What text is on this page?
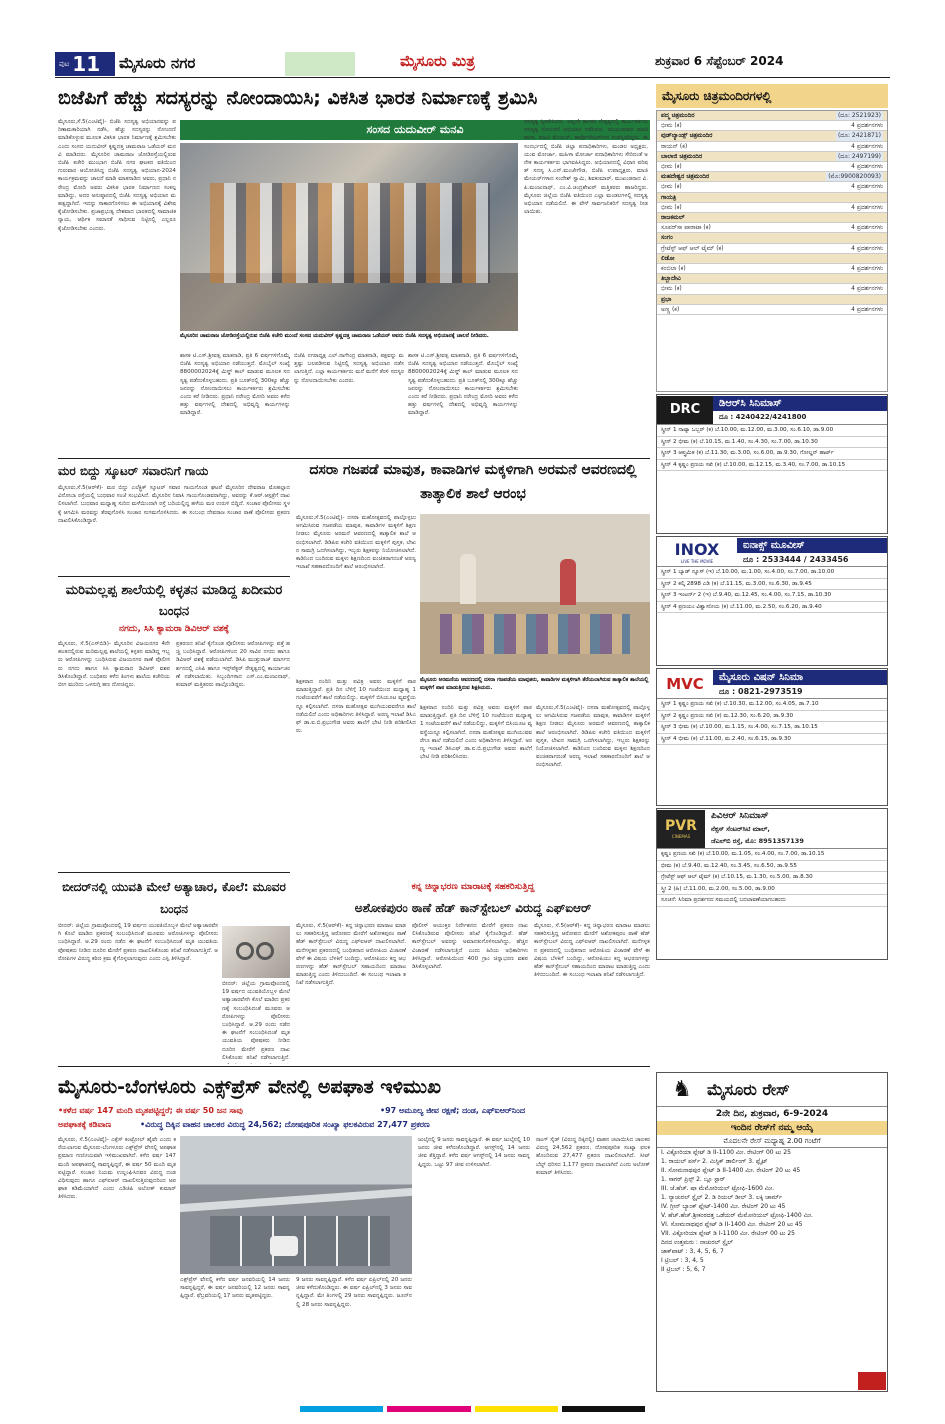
ಪುಟ 11 ಮೈಸೂರು ನಗರ	ಮೈಸೂರು ಮಿತ್ರ	ಶುಕ್ರವಾರ 6 ಸೆಪ್ಟೆಂಬರ್ 2024
ಬಿಜೆಪಿಗೆ ಹೆಚ್ಚು ಸದಸ್ಯರನ್ನು ನೋಂದಾಯಿಸಿ; ವಿಕಸಿತ ಭಾರತ ನಿರ್ಮಾಣಕ್ಕೆ ಶ್ರಮಿಸಿ
ಸಂಸದ ಯದುವೀರ್ ಮನವಿ
ಮೈಸೂರು,ಸೆ.5(ಎಂಟಿವೈ)- ಬಿಜೆಪಿ ಸದಸ್ಯತ್ವ ಅಭಿಯಾನವನ್ನು ಪರಿಣಾಮಕಾರಿಯಾಗಿ ನಡೆಸಿ, ಹೆಚ್ಚು ಸದಸ್ಯರನ್ನು ನೋಂದಣಿ ಮಾಡಿಕೊಳ್ಳುವ ಮೂಲಕ ವಿಕಸಿತ ಭಾರತ ನಿರ್ಮಾಣಕ್ಕೆ ಶ್ರಮಿಸಬೇಕು ಎಂದು ಸಂಸದ ಯದುವೀರ್ ಕೃಷ್ಣದತ್ತ ಚಾಮರಾಜ ಒಡೆಯರ್ ಮನವಿ ಮಾಡಿದರು. ಮೈಸೂರಿನ ಚಾಮರಾಜ ಜೋಡಿರಸ್ತೆಯಲ್ಲಿರುವ ಬಿಜೆಪಿ ಕಚೇರಿ ಮುಂಭಾಗ ಬಿಜೆಪಿ ನಗರ ಘಟಕದ ವತಿಯಿಂದ ಗುರುವಾರ ಆಯೋಜಿಸಿದ್ದ ಬಿಜೆಪಿ ಸದಸ್ಯತ್ವ ಅಭಿಯಾನ-2024 ಕಾರ್ಯಕ್ರಮವನ್ನು ಚಾಲನೆ ಮಾಡಿ ಮಾತನಾಡಿದ ಅವರು, ಪ್ರಧಾನಿ ನರೇಂದ್ರ ಮೋದಿ ಅವರು ವಿಕಸಿತ ಭಾರತ ನಿರ್ಮಾಣದ ಸಂಕಲ್ಪ ಮಾಡಿದ್ದು, ಅದರ ಅನುಷ್ಠಾನದಲ್ಲಿ ಬಿಜೆಪಿ ಸದಸ್ಯತ್ವ ಅಭಿಯಾನ ಮಹತ್ವದ್ದಾಗಿದೆ. ಇದನ್ನು ಸಾಕಾರಗೊಳಿಸಲು ಈ ಅಭಿಯಾನಕ್ಕೆ ವಿಶೇಷ ಕೈಜೋಡಿಸಬೇಕು. ಪ್ರಜಾಪ್ರಭುತ್ವ ದೇಶವಾದ ಭಾರತದಲ್ಲಿ ಸಾಮಾಜಿಕ ನ್ಯಾಯ, ಆರ್ಥಿಕ ಸಮಾನತೆ ಸಾಧಿಸುವ ನಿಟ್ಟಿನಲ್ಲಿ ಎಲ್ಲರೂ ಕೈಜೋಡಿಸಬೇಕು ಎಂದರು.
ಮೈಸೂರಿನ ಚಾಮರಾಜ ಜೋಡಿರಸ್ತೆಯಲ್ಲಿರುವ ಬಿಜೆಪಿ ಕಚೇರಿ ಮುಂದೆ ಸಂಸದ ಯದುವೀರ್ ಕೃಷ್ಣದತ್ತ ಚಾಮರಾಜ ಒಡೆಯರ್ ಅವರು ಬಿಜೆಪಿ ಸದಸ್ಯತ್ವ ಅಭಿಯಾನಕ್ಕೆ ಚಾಲನೆ ನೀಡಿದರು.
ಶಾಸಕ ಟಿ.ಎಸ್.ಶ್ರೀವತ್ಸ ಮಾತನಾಡಿ, ಪ್ರತಿ 6 ವರ್ಷಗಳಿಗೊಮ್ಮೆ ಬಿಜೆಪಿ ಸದಸ್ಯತ್ವ ಅಭಿಯಾನ ನಡೆಯುತ್ತದೆ. ಮೊಬೈಲ್ ಸಂಖ್ಯೆ 8800002024ಕ್ಕೆ ಮಿಸ್ಡ್ ಕಾಲ್ ಮಾಡುವ ಮೂಲಕ ಸದಸ್ಯತ್ವ ಪಡೆದುಕೊಳ್ಳಬಹುದು. ಪ್ರತಿ ಬೂತ್‌ನಲ್ಲಿ 300ಕ್ಕೂ ಹೆಚ್ಚು ಜನರನ್ನು ನೋಂದಾಯಿಸಲು ಕಾರ್ಯಕರ್ತರು ಶ್ರಮಿಸಬೇಕು ಎಂದು ಕರೆ ನೀಡಿದರು. ಪ್ರಧಾನಿ ನರೇಂದ್ರ ಮೋದಿ ಅವರು ಕಳೆದ ಹತ್ತು ವರ್ಷಗಳಲ್ಲಿ ದೇಶದಲ್ಲಿ ಅಭಿವೃದ್ಧಿ ಕಾರ್ಯಗಳನ್ನು ಮಾಡಿದ್ದಾರೆ.
ಬಿಜೆಪಿ ನಗರಾಧ್ಯಕ್ಷ ಎಲ್.ನಾಗೇಂದ್ರ ಮಾತನಾಡಿ, ಪಕ್ಷವನ್ನು ಮತ್ತಷ್ಟು ಬಲಪಡಿಸುವ ನಿಟ್ಟಿನಲ್ಲಿ ಸದಸ್ಯತ್ವ ಅಭಿಯಾನ ನಡೆಸಲಾಗುತ್ತಿದೆ. ಎಲ್ಲಾ ಕಾರ್ಯಕರ್ತರು ಮನೆ ಮನೆಗೆ ತೆರಳಿ ಸದಸ್ಯರನ್ನು ನೋಂದಾಯಿಸಬೇಕು ಎಂದರು.
ಶಾಸಕ ಟಿ.ಎಸ್.ಶ್ರೀವತ್ಸ ಮಾತನಾಡಿ, ಪ್ರತಿ 6 ವರ್ಷಗಳಿಗೊಮ್ಮೆ ಬಿಜೆಪಿ ಸದಸ್ಯತ್ವ ಅಭಿಯಾನ ನಡೆಯುತ್ತದೆ. ಮೊಬೈಲ್ ಸಂಖ್ಯೆ 8800002024ಕ್ಕೆ ಮಿಸ್ಡ್ ಕಾಲ್ ಮಾಡುವ ಮೂಲಕ ಸದಸ್ಯತ್ವ ಪಡೆದುಕೊಳ್ಳಬಹುದು. ಪ್ರತಿ ಬೂತ್‌ನಲ್ಲಿ 300ಕ್ಕೂ ಹೆಚ್ಚು ಜನರನ್ನು ನೋಂದಾಯಿಸಲು ಕಾರ್ಯಕರ್ತರು ಶ್ರಮಿಸಬೇಕು ಎಂದು ಕರೆ ನೀಡಿದರು. ಪ್ರಧಾನಿ ನರೇಂದ್ರ ಮೋದಿ ಅವರು ಕಳೆದ ಹತ್ತು ವರ್ಷಗಳಲ್ಲಿ ದೇಶದಲ್ಲಿ ಅಭಿವೃದ್ಧಿ ಕಾರ್ಯಗಳನ್ನು ಮಾಡಿದ್ದಾರೆ.
ಸದಸ್ಯತ್ವ ಸ್ವೀಕರಿಸಿದರು. ಅಲ್ಲದೇ ಶಾಸಕರ ನೇತೃತ್ವದಲ್ಲಿ ಕಾರ್ಯಕರ್ತರು ಸದಸ್ಯತ್ವ ನೋಂದಣಿ ಅಭಿಯಾನ ನಡೆಸಿದರು. ಮುಖಂಡರಾದ ಮಾಜಿ ಶಾಸಕ, ಮಾಜಿ ಮೇಯರ್, ಕಾರ್ಪೊರೇಟರ್‌ಗಳು ಉಪಸ್ಥಿತರಿದ್ದರು. ಈ ಸಂದರ್ಭದಲ್ಲಿ ಬಿಜೆಪಿ ಜಿಲ್ಲಾ ಪದಾಧಿಕಾರಿಗಳು, ಮಂಡಲ ಅಧ್ಯಕ್ಷರು, ಯುವ ಮೋರ್ಚಾ, ಮಹಿಳಾ ಮೋರ್ಚಾ ಪದಾಧಿಕಾರಿಗಳು ಸೇರಿದಂತೆ ಅನೇಕ ಕಾರ್ಯಕರ್ತರು ಭಾಗವಹಿಸಿದ್ದರು. ಅಭಿಯಾನದಲ್ಲಿ ವಿಧಾನ ಪರಿಷತ್ ಸದಸ್ಯ ಸಿ.ಎನ್.ಮಂಜೇಗೌಡ, ಬಿಜೆಪಿ ಉಪಾಧ್ಯಕ್ಷರು, ಮಾಜಿ ಮೇಯರ್‌ಗಳಾದ ಸಂದೇಶ್ ಸ್ವಾಮಿ, ಶಿವಕುಮಾರ್, ಮುಖಂಡರಾದ ವಿ.ಪಿ.ಮಂಜುನಾಥ್, ಎಂ.ವಿ.ಚಂದ್ರಶೇಖರ್ ಮತ್ತಿತರರು ಹಾಜರಿದ್ದರು. ಮೈಸೂರು ಜಿಲ್ಲೆಯ ಬಿಜೆಪಿ ವತಿಯಿಂದ ಎಲ್ಲಾ ಮಂಡಲಗಳಲ್ಲಿ ಸದಸ್ಯತ್ವ ಅಭಿಯಾನ ನಡೆಯಲಿದೆ. ಈ ವೇಳೆ ಸಾರ್ವಜನಿಕರಿಗೆ ಸದಸ್ಯತ್ವ ನೀಡಲಾಯಿತು.
ಮರ ಬಿದ್ದು ಸ್ಕೂಟರ್ ಸವಾರನಿಗೆ ಗಾಯ
ಮೈಸೂರು,ಸೆ.5(ಆರ್‌ಕೆ)- ಮರ ಬಿದ್ದು ಎಲೆಕ್ಟ್ರಿಕ್ ಸ್ಕೂಟರ್ ಸವಾರ ಗಾಯಗೊಂಡ ಘಟನೆ ಮೈಸೂರಿನ ದೇವರಾಜ ಮೊಹಲ್ಲಾದ ವಿನೋಬಾ ರಸ್ತೆಯಲ್ಲಿ ಬುಧವಾರ ಸಂಜೆ ಸಂಭವಿಸಿದೆ. ಮೈಸೂರಿನ ನಿವಾಸಿ ಗಾಯಗೊಂಡವರಾಗಿದ್ದು, ಅವರನ್ನು ಕೆ.ಆರ್.ಆಸ್ಪತ್ರೆಗೆ ದಾಖಲಿಸಲಾಗಿದೆ. ಬುಧವಾರ ಮಧ್ಯಾಹ್ನ ಸುರಿದ ಮಳೆಯಿಂದಾಗಿ ರಸ್ತೆ ಬದಿಯಲ್ಲಿದ್ದ ಹಳೆಯ ಮರ ಉರುಳಿ ಬಿದ್ದಿದೆ. ಸಂಚಾರ ಪೊಲೀಸರು ಸ್ಥಳಕ್ಕೆ ಆಗಮಿಸಿ ಮರವನ್ನು ತೆರವುಗೊಳಿಸಿ ಸಂಚಾರ ಸುಗಮಗೊಳಿಸಿದರು. ಈ ಸಂಬಂಧ ದೇವರಾಜ ಸಂಚಾರ ಠಾಣೆ ಪೊಲೀಸರು ಪ್ರಕರಣ ದಾಖಲಿಸಿಕೊಂಡಿದ್ದಾರೆ.
ದಸರಾ ಗಜಪಡೆ ಮಾವುತ, ಕಾವಾಡಿಗಳ ಮಕ್ಕಳಿಗಾಗಿ ಅರಮನೆ ಆವರಣದಲ್ಲಿ ತಾತ್ಕಾಲಿಕ ಶಾಲೆ ಆರಂಭ
ಮೈಸೂರು,ಸೆ.5(ಎಂಟಿವೈ)- ದಸರಾ ಮಹೋತ್ಸವದಲ್ಲಿ ಪಾಲ್ಗೊಳ್ಳಲು ಆಗಮಿಸಿರುವ ಗಜಪಡೆಯ ಮಾವುತ, ಕಾವಾಡಿಗಳ ಮಕ್ಕಳಿಗೆ ಶಿಕ್ಷಣ ನೀಡಲು ಮೈಸೂರು ಅರಮನೆ ಆವರಣದಲ್ಲಿ ತಾತ್ಕಾಲಿಕ ಶಾಲೆ ಆರಂಭಿಸಲಾಗಿದೆ. ಡಿಡಿಪಿಐ ಕಚೇರಿ ವತಿಯಿಂದ ಮಕ್ಕಳಿಗೆ ಪುಸ್ತಕ, ಲೇಖನ ಸಾಮಗ್ರಿ ಒದಗಿಸಲಾಗಿದ್ದು, ಇಬ್ಬರು ಶಿಕ್ಷಕರನ್ನು ನಿಯೋಜಿಸಲಾಗಿದೆ. ಕಾಡಿನಿಂದ ಬಂದಿರುವ ಮಕ್ಕಳು ಶಿಕ್ಷಣದಿಂದ ವಂಚಿತರಾಗದಂತೆ ಅರಣ್ಯ ಇಲಾಖೆ ಸಹಕಾರದೊಂದಿಗೆ ಶಾಲೆ ಆರಂಭಿಸಲಾಗಿದೆ.
ಮೈಸೂರು ಅರಮನೆಯ ಆವರಣದಲ್ಲಿ ದಸರಾ ಗಜಪಡೆಯ ಮಾವುತರು, ಕಾವಾಡಿಗಳ ಮಕ್ಕಳಿಗಾಗಿ ತೆರೆಯಲಾಗಿರುವ ತಾತ್ಕಾಲಿಕ ಶಾಲೆಯಲ್ಲಿ ಮಕ್ಕಳಿಗೆ ಪಾಠ ಮಾಡುತ್ತಿರುವ ಶಿಕ್ಷಕಿಯರು.
ಶಿಕ್ಷಕರಾದ ನಂದಿನಿ ಮತ್ತು ಪವಿತ್ರ ಅವರು ಮಕ್ಕಳಿಗೆ ಪಾಠ ಮಾಡುತ್ತಿದ್ದಾರೆ. ಪ್ರತಿ ದಿನ ಬೆಳಿಗ್ಗೆ 10 ಗಂಟೆಯಿಂದ ಮಧ್ಯಾಹ್ನ 1 ಗಂಟೆಯವರೆಗೆ ಶಾಲೆ ನಡೆಯಲಿದ್ದು, ಮಕ್ಕಳಿಗೆ ಬಿಸಿಯೂಟ ವ್ಯವಸ್ಥೆಯನ್ನೂ ಕಲ್ಪಿಸಲಾಗಿದೆ. ದಸರಾ ಮಹೋತ್ಸವ ಮುಗಿಯುವವರೆಗೂ ಶಾಲೆ ನಡೆಯಲಿದೆ ಎಂದು ಅಧಿಕಾರಿಗಳು ತಿಳಿಸಿದ್ದಾರೆ. ಅರಣ್ಯ ಇಲಾಖೆ ಡಿಸಿಎಫ್ ಡಾ.ಐ.ಬಿ.ಪ್ರಭುಗೌಡ ಅವರು ಶಾಲೆಗೆ ಭೇಟಿ ನೀಡಿ ಪರಿಶೀಲಿಸಿದರು.
ಶಿಕ್ಷಕರಾದ ನಂದಿನಿ ಮತ್ತು ಪವಿತ್ರ ಅವರು ಮಕ್ಕಳಿಗೆ ಪಾಠ ಮಾಡುತ್ತಿದ್ದಾರೆ. ಪ್ರತಿ ದಿನ ಬೆಳಿಗ್ಗೆ 10 ಗಂಟೆಯಿಂದ ಮಧ್ಯಾಹ್ನ 1 ಗಂಟೆಯವರೆಗೆ ಶಾಲೆ ನಡೆಯಲಿದ್ದು, ಮಕ್ಕಳಿಗೆ ಬಿಸಿಯೂಟ ವ್ಯವಸ್ಥೆಯನ್ನೂ ಕಲ್ಪಿಸಲಾಗಿದೆ. ದಸರಾ ಮಹೋತ್ಸವ ಮುಗಿಯುವವರೆಗೂ ಶಾಲೆ ನಡೆಯಲಿದೆ ಎಂದು ಅಧಿಕಾರಿಗಳು ತಿಳಿಸಿದ್ದಾರೆ. ಅರಣ್ಯ ಇಲಾಖೆ ಡಿಸಿಎಫ್ ಡಾ.ಐ.ಬಿ.ಪ್ರಭುಗೌಡ ಅವರು ಶಾಲೆಗೆ ಭೇಟಿ ನೀಡಿ ಪರಿಶೀಲಿಸಿದರು.
ಮೈಸೂರು,ಸೆ.5(ಎಂಟಿವೈ)- ದಸರಾ ಮಹೋತ್ಸವದಲ್ಲಿ ಪಾಲ್ಗೊಳ್ಳಲು ಆಗಮಿಸಿರುವ ಗಜಪಡೆಯ ಮಾವುತ, ಕಾವಾಡಿಗಳ ಮಕ್ಕಳಿಗೆ ಶಿಕ್ಷಣ ನೀಡಲು ಮೈಸೂರು ಅರಮನೆ ಆವರಣದಲ್ಲಿ ತಾತ್ಕಾಲಿಕ ಶಾಲೆ ಆರಂಭಿಸಲಾಗಿದೆ. ಡಿಡಿಪಿಐ ಕಚೇರಿ ವತಿಯಿಂದ ಮಕ್ಕಳಿಗೆ ಪುಸ್ತಕ, ಲೇಖನ ಸಾಮಗ್ರಿ ಒದಗಿಸಲಾಗಿದ್ದು, ಇಬ್ಬರು ಶಿಕ್ಷಕರನ್ನು ನಿಯೋಜಿಸಲಾಗಿದೆ. ಕಾಡಿನಿಂದ ಬಂದಿರುವ ಮಕ್ಕಳು ಶಿಕ್ಷಣದಿಂದ ವಂಚಿತರಾಗದಂತೆ ಅರಣ್ಯ ಇಲಾಖೆ ಸಹಕಾರದೊಂದಿಗೆ ಶಾಲೆ ಆರಂಭಿಸಲಾಗಿದೆ.
ಮರಿಮಲ್ಲಪ್ಪ ಶಾಲೆಯಲ್ಲಿ ಕಳ್ಳತನ ಮಾಡಿದ್ದ ಖದೀಮರ ಬಂಧನ
ನಗದು, ಸಿಸಿ ಕ್ಯಾಮರಾ ಡಿವಿಆರ್ ವಶಕ್ಕೆ
ಮೈಸೂರು, ಸೆ.5(ಎಸ್‌ಬಿಡಿ)- ಮೈಸೂರಿನ ವಿಜಯನಗರ 4ನೇ ಹಂತದಲ್ಲಿರುವ ಮರಿಮಲ್ಲಪ್ಪ ಶಾಲೆಯಲ್ಲಿ ಕಳ್ಳತನ ಮಾಡಿದ್ದ ಇಬ್ಬರು ಆರೋಪಿಗಳನ್ನು ಬಂಧಿಸಿರುವ ವಿಜಯನಗರ ಠಾಣೆ ಪೊಲೀಸರು ನಗದು ಹಾಗೂ ಸಿಸಿ ಕ್ಯಾಮರಾದ ಡಿವಿಆರ್ ವಶಪಡಿಸಿಕೊಂಡಿದ್ದಾರೆ. ಬಂಧಿತರು ಕಳೆದ ತಿಂಗಳು ಶಾಲೆಯ ಕಚೇರಿಯ ಬೀಗ ಮುರಿದು ಒಳನುಗ್ಗಿ ಹಣ ದೋಚಿದ್ದರು.
ಪ್ರಕರಣದ ತನಿಖೆ ಕೈಗೊಂಡ ಪೊಲೀಸರು ಆರೋಪಿಗಳನ್ನು ಪತ್ತೆ ಹಚ್ಚಿ ಬಂಧಿಸಿದ್ದಾರೆ. ಆರೋಪಿಗಳಿಂದ 20 ಸಾವಿರ ನಗದು ಹಾಗೂ ಡಿವಿಆರ್ ವಶಕ್ಕೆ ಪಡೆಯಲಾಗಿದೆ. ಡಿಸಿಪಿ ಮುತ್ತುರಾಜ್ ಮಾರ್ಗದರ್ಶನದಲ್ಲಿ ಎಸಿಪಿ ಹಾಗೂ ಇನ್ಸ್‌ಪೆಕ್ಟರ್ ನೇತೃತ್ವದಲ್ಲಿ ಕಾರ್ಯಾಚರಣೆ ನಡೆಸಲಾಯಿತು. ಸಿಬ್ಬಂದಿಗಳಾದ ಎಸ್.ಎಂ.ಮಂಜುನಾಥ್, ಕುಮಾರ್ ಮತ್ತಿತರರು ಪಾಲ್ಗೊಂಡಿದ್ದರು.
ಬೀದರ್‌ನಲ್ಲಿ ಯುವತಿ ಮೇಲೆ ಅತ್ಯಾಚಾರ, ಕೊಲೆ: ಮೂವರ ಬಂಧನ
ಬೀದರ್: ಜಿಲ್ಲೆಯ ಗ್ರಾಮವೊಂದರಲ್ಲಿ 19 ವರ್ಷದ ಯುವತಿಯೊಬ್ಬಳ ಮೇಲೆ ಅತ್ಯಾಚಾರವೆಸಗಿ ಕೊಲೆ ಮಾಡಿದ ಪ್ರಕರಣಕ್ಕೆ ಸಂಬಂಧಿಸಿದಂತೆ ಮೂವರು ಆರೋಪಿಗಳನ್ನು ಪೊಲೀಸರು ಬಂಧಿಸಿದ್ದಾರೆ. ಆ.29 ರಂದು ನಡೆದ ಈ ಘಟನೆಗೆ ಸಂಬಂಧಿಸಿದಂತೆ ಮೃತ ಯುವತಿಯ ಪೋಷಕರು ನೀಡಿದ ದೂರಿನ ಮೇರೆಗೆ ಪ್ರಕರಣ ದಾಖಲಿಸಿಕೊಂಡು ತನಿಖೆ ನಡೆಸಲಾಗುತ್ತಿದೆ. ಆರೋಪಿಗಳ ವಿರುದ್ಧ ಕಠಿಣ ಕ್ರಮ ಕೈಗೊಳ್ಳಲಾಗುವುದು ಎಂದು ಎಸ್ಪಿ ತಿಳಿಸಿದ್ದಾರೆ.
ಬೀದರ್: ಜಿಲ್ಲೆಯ ಗ್ರಾಮವೊಂದರಲ್ಲಿ 19 ವರ್ಷದ ಯುವತಿಯೊಬ್ಬಳ ಮೇಲೆ ಅತ್ಯಾಚಾರವೆಸಗಿ ಕೊಲೆ ಮಾಡಿದ ಪ್ರಕರಣಕ್ಕೆ ಸಂಬಂಧಿಸಿದಂತೆ ಮೂವರು ಆರೋಪಿಗಳನ್ನು ಪೊಲೀಸರು ಬಂಧಿಸಿದ್ದಾರೆ. ಆ.29 ರಂದು ನಡೆದ ಈ ಘಟನೆಗೆ ಸಂಬಂಧಿಸಿದಂತೆ ಮೃತ ಯುವತಿಯ ಪೋಷಕರು ನೀಡಿದ ದೂರಿನ ಮೇರೆಗೆ ಪ್ರಕರಣ ದಾಖಲಿಸಿಕೊಂಡು ತನಿಖೆ ನಡೆಸಲಾಗುತ್ತಿದೆ.
ಕನ್ನ ಚಿನ್ನಾಭರಣ ಮಾರಾಟಕ್ಕೆ ಸಹಕರಿಸುತ್ತಿದ್ದ
ಅಶೋಕಪುರಂ ಠಾಣೆ ಹೆಡ್ ಕಾನ್‌ಸ್ಟೇಬಲ್ ವಿರುದ್ಧ ಎಫ್‌ಐಆರ್
ಮೈಸೂರು, ಸೆ.5(ಆರ್‌ಕೆ)- ಕದ್ದ ಚಿನ್ನಾಭರಣ ಮಾರಾಟ ಮಾಡಲು ಸಹಕರಿಸುತ್ತಿದ್ದ ಆರೋಪದ ಮೇರೆಗೆ ಅಶೋಕಪುರಂ ಠಾಣೆ ಹೆಡ್ ಕಾನ್‌ಸ್ಟೇಬಲ್ ವಿರುದ್ಧ ಎಫ್‌ಐಆರ್ ದಾಖಲಿಸಲಾಗಿದೆ. ಮನೆಗಳ್ಳತನ ಪ್ರಕರಣದಲ್ಲಿ ಬಂಧಿತನಾದ ಆರೋಪಿಯ ವಿಚಾರಣೆ ವೇಳೆ ಈ ವಿಷಯ ಬೆಳಕಿಗೆ ಬಂದಿದ್ದು, ಆರೋಪಿಯು ಕದ್ದ ಆಭರಣಗಳನ್ನು ಹೆಡ್ ಕಾನ್‌ಸ್ಟೇಬಲ್ ಸಹಾಯದಿಂದ ಮಾರಾಟ ಮಾಡುತ್ತಿದ್ದ ಎಂದು ತಿಳಿದುಬಂದಿದೆ. ಈ ಸಂಬಂಧ ಇಲಾಖಾ ತನಿಖೆ ನಡೆಸಲಾಗುತ್ತಿದೆ.
ಪೊಲೀಸ್ ಆಯುಕ್ತರ ನಿರ್ದೇಶನದ ಮೇರೆಗೆ ಪ್ರಕರಣ ದಾಖಲಿಸಿಕೊಂಡಿರುವ ಪೊಲೀಸರು ತನಿಖೆ ಕೈಗೊಂಡಿದ್ದಾರೆ. ಹೆಡ್ ಕಾನ್‌ಸ್ಟೇಬಲ್ ಅವರನ್ನು ಅಮಾನತುಗೊಳಿಸಲಾಗಿದ್ದು, ಹೆಚ್ಚಿನ ವಿಚಾರಣೆ ನಡೆಸಲಾಗುತ್ತಿದೆ ಎಂದು ಹಿರಿಯ ಅಧಿಕಾರಿಗಳು ತಿಳಿಸಿದ್ದಾರೆ. ಆರೋಪಿಯಿಂದ 400 ಗ್ರಾಂ ಚಿನ್ನಾಭರಣ ವಶಪಡಿಸಿಕೊಳ್ಳಲಾಗಿದೆ.
ಮೈಸೂರು, ಸೆ.5(ಆರ್‌ಕೆ)- ಕದ್ದ ಚಿನ್ನಾಭರಣ ಮಾರಾಟ ಮಾಡಲು ಸಹಕರಿಸುತ್ತಿದ್ದ ಆರೋಪದ ಮೇರೆಗೆ ಅಶೋಕಪುರಂ ಠಾಣೆ ಹೆಡ್ ಕಾನ್‌ಸ್ಟೇಬಲ್ ವಿರುದ್ಧ ಎಫ್‌ಐಆರ್ ದಾಖಲಿಸಲಾಗಿದೆ. ಮನೆಗಳ್ಳತನ ಪ್ರಕರಣದಲ್ಲಿ ಬಂಧಿತನಾದ ಆರೋಪಿಯ ವಿಚಾರಣೆ ವೇಳೆ ಈ ವಿಷಯ ಬೆಳಕಿಗೆ ಬಂದಿದ್ದು, ಆರೋಪಿಯು ಕದ್ದ ಆಭರಣಗಳನ್ನು ಹೆಡ್ ಕಾನ್‌ಸ್ಟೇಬಲ್ ಸಹಾಯದಿಂದ ಮಾರಾಟ ಮಾಡುತ್ತಿದ್ದ ಎಂದು ತಿಳಿದುಬಂದಿದೆ. ಈ ಸಂಬಂಧ ಇಲಾಖಾ ತನಿಖೆ ನಡೆಸಲಾಗುತ್ತಿದೆ.
ಮೈಸೂರು-ಬೆಂಗಳೂರು ಎಕ್ಸ್‌ಪ್ರೆಸ್ ವೇನಲ್ಲಿ ಅಪಘಾತ ಇಳಿಮುಖ
•ಕಳೆದ ವರ್ಷ 147 ಮಂದಿ ಮೃತಪಟ್ಟಿದ್ದರೆ; ಈ ವರ್ಷ 50 ಜನ ಸಾವು	•97 ಅಮೂಲ್ಯ ಜೀವ ರಕ್ಷಣೆ; ದಂಡ, ಎಫ್‌ಐಆರ್‌ನಿಂದ
ಅಪಘಾತಕ್ಕೆ ಕಡಿವಾಣ	•ವಿರುದ್ಧ ದಿಕ್ಕಿನ ವಾಹನ ಚಾಲಕರ ವಿರುದ್ಧ 24,562; ದೋಷಪೂರಿತ ಸಂಖ್ಯಾ ಫಲಕವಿರುವ 27,477 ಪ್ರಕರಣ
ಮೈಸೂರು, ಸೆ.5(ಎಂಟಿವೈ)- ಎಕ್ಸೆಸ್ ಕಂಟ್ರೋಲ್ ಹೈವೇ ಎಂದು ಕರೆಯಲಾಗುವ ಮೈಸೂರು-ಬೆಂಗಳೂರು ಎಕ್ಸ್‌ಪ್ರೆಸ್ ವೇನಲ್ಲಿ ಅಪಘಾತ ಪ್ರಮಾಣ ಗಣನೀಯವಾಗಿ ಇಳಿಮುಖವಾಗಿದೆ. ಕಳೆದ ವರ್ಷ 147 ಮಂದಿ ಅಪಘಾತದಲ್ಲಿ ಸಾವನ್ನಪ್ಪಿದ್ದರೆ, ಈ ವರ್ಷ 50 ಮಂದಿ ಮೃತಪಟ್ಟಿದ್ದಾರೆ. ಸಂಚಾರ ನಿಯಮ ಉಲ್ಲಂಘಿಸಿದವರ ವಿರುದ್ಧ ದಂಡ ವಿಧಿಸುವುದು ಹಾಗೂ ಎಫ್‌ಐಆರ್ ದಾಖಲಿಸುತ್ತಿರುವುದರಿಂದ ಅಪಘಾತ ಕಡಿಮೆಯಾಗಿದೆ ಎಂದು ಎಡಿಜಿಪಿ ಅಲೋಕ್ ಕುಮಾರ್ ತಿಳಿಸಿದರು.
ಎಕ್ಸ್‌ಪ್ರೆಸ್ ವೇನಲ್ಲಿ ಕಳೆದ ವರ್ಷ ಜನವರಿಯಲ್ಲಿ 14 ಜನರು ಸಾವನ್ನಪ್ಪಿದ್ದರೆ, ಈ ವರ್ಷ ಜನವರಿಯಲ್ಲಿ 12 ಜನರು ಸಾವನ್ನಪ್ಪಿದ್ದಾರೆ. ಫೆಬ್ರವರಿಯಲ್ಲಿ 17 ಜನರು ಮೃತಪಟ್ಟಿದ್ದರು.
9 ಜನರು ಸಾವನ್ನಪ್ಪಿದ್ದಾರೆ. ಕಳೆದ ವರ್ಷ ಏಪ್ರಿಲ್‌ನಲ್ಲಿ 20 ಜನರು ಜೀವ ಕಳೆದುಕೊಂಡಿದ್ದರು. ಈ ವರ್ಷ ಏಪ್ರಿಲ್‌ನಲ್ಲಿ 3 ಜನರು ಸಾವನ್ನಪ್ಪಿದ್ದಾರೆ. ಮೇ ತಿಂಗಳಲ್ಲಿ 29 ಜನರು ಸಾವನ್ನಪ್ಪಿದ್ದರು. ಜೂನ್‌ನಲ್ಲಿ 28 ಜನರು ಸಾವನ್ನಪ್ಪಿದ್ದರು.
ಜುಲೈನಲ್ಲಿ 9 ಜನರು ಸಾವನ್ನಪ್ಪಿದ್ದಾರೆ. ಈ ವರ್ಷ ಜುಲೈನಲ್ಲಿ 10 ಜನರು ಜೀವ ಕಳೆದುಕೊಂಡಿದ್ದಾರೆ. ಆಗಸ್ಟ್‌ನಲ್ಲಿ 14 ಜನರು ಜೀವ ತೆತ್ತಿದ್ದಾರೆ. ಕಳೆದ ವರ್ಷ ಆಗಸ್ಟ್‌ನಲ್ಲಿ 14 ಜನರು ಸಾವನ್ನಪ್ಪಿದ್ದರು. ಒಟ್ಟು 97 ಜೀವ ಉಳಿಸಲಾಗಿದೆ.
ರಾಂಗ್ ಸೈಡ್ (ವಿರುದ್ಧ ದಿಕ್ಕಿನಲ್ಲಿ) ವಾಹನ ಚಲಾಯಿಸಿದ ಚಾಲಕರ ವಿರುದ್ಧ 24,562 ಪ್ರಕರಣ, ದೋಷಪೂರಿತ ಸಂಖ್ಯಾ ಫಲಕ ಹೊಂದಿರುವ 27,477 ಪ್ರಕರಣ ದಾಖಲಿಸಲಾಗಿದೆ. ಸೀಟ್ ಬೆಲ್ಟ್ ಧರಿಸದ 1,177 ಪ್ರಕರಣ ದಾಖಲಾಗಿದೆ ಎಂದು ಅಲೋಕ್ ಕುಮಾರ್ ತಿಳಿಸಿದರು.
ಮೈಸೂರು ಚಿತ್ರಮಂದಿರಗಳಲ್ಲಿ
ಪದ್ಮ ಚಿತ್ರಮಂದಿರ	(ದೂ: 2521923)
ಭೀಮ (ಕ)	4 ಪ್ರದರ್ಶನಗಳು
ವುಡ್‌ಲ್ಯಾಂಡ್ಸ್ ಚಿತ್ರಮಂದಿರ	(ದೂ: 2421871)
ರಾಯನ್ (ಕ)	4 ಪ್ರದರ್ಶನಗಳು
ಬಾಲಾಜಿ ಚಿತ್ರಮಂದಿರ	(ದೂ: 2497199)
ಭೀಮ (ಕ)	4 ಪ್ರದರ್ಶನಗಳು
ಮಹದೇಶ್ವರ ಚಿತ್ರಮಂದಿರ	(ಮೊ:9900820093)
ಭೀಮ (ಕ)	4 ಪ್ರದರ್ಶನಗಳು
ಗಾಯತ್ರಿ
ಭೀಮ (ಕ)	4 ಪ್ರದರ್ಶನಗಳು
ರಾಜಕಮಲ್
ಸೂಪರ್‌ಸಾ ಪಾರಾಟಾ (ಕ)	4 ಪ್ರದರ್ಶನಗಳು
ಸಂಗಂ
ಗ್ರೇಟೆಸ್ಟ್ ಆಫ್ ಆಲ್ ಟೈಮ್ (ಕ)	4 ಪ್ರದರ್ಶನಗಳು
ಲಿಡೋ
ಕಂಬಿಲಾ (ಕ)	4 ಪ್ರದರ್ಶನಗಳು
ತಿಬ್ಬಾದೇವಿ
ಭೀಮ (ಕ)	4 ಪ್ರದರ್ಶನಗಳು
ಪ್ರಭಾ
ಅಣ್ಣ (ಕ)	4 ಪ್ರದರ್ಶನಗಳು
DRC	ಡಿಆರ್‌ಸಿ ಸಿನಿಮಾಸ್
ದೂ : 4240422/4241800
ಸ್ಕ್ರೀನ್ 1 ನಾಟ್ಯಾ ಒಬ್ಬರ್ (ಕ) ಬೆ.10.00, ಮ.12.00, ಮ.3.00, ಸಂ.6.10, ಡಾ.9.00
ಸ್ಕ್ರೀನ್ 2 ಭೀಮ (ಕ) ಬೆ.10.15, ಮ.1.40, ಸಂ.4.30, ಸಂ.7.00, ಡಾ.10.30
ಸ್ಕ್ರೀನ್ 3 ಆಪ್ತ್ರಮಿತ (ಕ) ಬೆ.11.30, ಮ.3.00, ಸಂ.6.00, ಡಾ.9.30, ಗೋಲ್ಡನ್ ಹಾರ್ಟ್
ಸ್ಕ್ರೀನ್ 4 ಕೃಷ್ಣಂ ಪ್ರಣಯ ಸಖಿ (ಕ) ಬೆ.10.00, ಮ.12.15, ಮ.3.40, ಸಂ.7.00, ಡಾ.10.15
INOX
LIVE THE MOVIE
ಐನಾಕ್ಸ್ ಮೂವೀಸ್
ದೂ : 2533444 / 2433456
ಸ್ಕ್ರೀನ್ 1 ಬ್ಯಾಡ್ ನ್ಯೂಸ್ (ಇ) ಬೆ.10.00, ಮ.1.00, ಸಂ.4.00, ಸಂ.7.00, ಡಾ.10.00
ಸ್ಕ್ರೀನ್ 2 ಕಲ್ಕಿ 2898 ಎಡಿ (ಕ) ಬೆ.11.15, ಮ.3.00, ಸಂ.6.30, ಡಾ.9.45
ಸ್ಕ್ರೀನ್ 3 ಇಂಟರ್ನ್ 2 (ಇ) ಬೆ.9.40, ಮ.12.45, ಸಂ.4.00, ಸಂ.7.15, ಡಾ.10.30
ಸ್ಕ್ರೀನ್ 4 ಪ್ರಣಯಂ ವಿಶ್ವಾಸನೀಯ (ಕ) ಬೆ.11.00, ಮ.2.50, ಸಂ.6.20, ಡಾ.9.40
MVC	ಮೈಸೂರು ವಿಷನ್ ಸಿನಿಮಾ
ದೂ : 0821-2973519
ಸ್ಕ್ರೀನ್ 1 ಕೃಷ್ಣಂ ಪ್ರಣಯ ಸಖಿ (ಕ) ಬೆ.10.30, ಮ.12.00, ಸಂ.4.05, ಡಾ.7.10
ಸ್ಕ್ರೀನ್ 2 ಕೃಷ್ಣಂ ಪ್ರಣಯ ಸಖಿ (ಕ) ಮ.12.30, ಸಂ.6.20, ಡಾ.9.30
ಸ್ಕ್ರೀನ್ 3 ಭೀಮ (ಕ) ಬೆ.10.00, ಮ.1.15, ಸಂ.4.00, ಸಂ.7.15, ಡಾ.10.15
ಸ್ಕ್ರೀನ್ 4 ಭೀಮ (ಕ) ಬೆ.11.00, ಮ.2.40, ಸಂ.6.15, ಡಾ.9.30
PVR
CINEMAS
ಪಿವಿಆರ್ ಸಿನಿಮಾಸ್
ನೆಕ್ಸಸ್ ಸೆಂಟರ್‌ಸಿಟಿ ಮಾಲ್,
ಜೆಎಲ್‌ಬಿ ರಸ್ತೆ, ಮೊ: 8951357139
ಕೃಷ್ಣಂ ಪ್ರಣಯ ಸಖಿ (ಕ) ಬೆ.10.00, ಮ.1.05, ಸಂ.4.00, ಸಂ.7.00, ಡಾ.10.15
ಭೀಮ (ಕ) ಬೆ.9.40, ಮ.12.40, ಸಂ.3.45, ಸಂ.6.50, ಡಾ.9.55
ಗ್ರೇಟೆಸ್ಟ್ ಆಫ್ ಆಲ್ ಟೈಮ್ (ಕ) ಬೆ.10.15, ಮ.1.30, ಸಂ.5.00, ಡಾ.8.30
ಸ್ತ್ರೀ 2 (ಹಿ) ಬೆ.11.00, ಮ.2.00, ಸಂ.5.00, ಡಾ.9.00
ಸೂಚನೆ: ಸಿನಿಮಾ ಪ್ರದರ್ಶನದ ಸಮಯದಲ್ಲಿ ಬದಲಾವಣೆಯಾಗಬಹುದು
♞ ಮೈಸೂರು ರೇಸ್
2ನೇ ದಿನ, ಶುಕ್ರವಾರ, 6-9-2024
ಇಂದಿನ ರೇಸ್‌ಗೆ ನಮ್ಮ ಆಯ್ಕೆ
ಮೊದಲನೇ ರೇಸ್ ಮಧ್ಯಾಹ್ನ 2.00 ಗಂಟೆಗೆ
I. ವಿಕ್ಟೋರಿಯಾ ಪ್ಲೇಟ್ ಡಿ II-1100 ಮೀ. ರೇಟಿಂಗ್ 00 ಟು 25
1. ರಾಯಲ್ ಪರ್ಸ್ 2. ಮಿಸ್ಟಿಕ್ ಡಾರ್ಲಿಂಗ್ 3. ಫ್ಲೈಟ್
II. ಸೋಮನಾಥಪುರ ಪ್ಲೇಟ್ ಡಿ II-1400 ಮೀ. ರೇಟಿಂಗ್ 20 ಟು 45
1. ಸಾಗರ್ ಪ್ರಿನ್ಸ್ 2. ಬ್ಲೂ ಸ್ಟಾರ್
III. ಜೆ.ಹೆಚ್. ಷಾ ಮೆಮೋರಿಯಲ್ ಟ್ರೋಫಿ-1600 ಮೀ.
1. ನ್ಯಾಚುರಲ್ ಸ್ಟೈಲ್ 2. ಡಿ ರಿಯಲ್ ಡೀಲ್ 3. ಲಕ್ಕಿ ಚಾರ್ಮ್
IV. ಗ್ರೀನ್ ಬ್ಯಾಂಕ್ ಫ್ಲೇಟ್-1400 ಮೀ. ರೇಟಿಂಗ್ 20 ಟು 45
V. ಹೆಚ್.ಹೆಚ್.ಶ್ರೀಕಂಠದತ್ತ ಒಡೆಯರ್ ಮೆಮೋರಿಯಲ್ ಟ್ರೋಫಿ-1400 ಮೀ.
VI. ಸೋಮನಾಥಪುರ ಪ್ಲೇಟ್ ಡಿ II-1400 ಮೀ. ರೇಟಿಂಗ್ 20 ಟು 45
VII. ವಿಕ್ಟೋರಿಯಾ ಪ್ಲೇಟ್ ಡಿ I-1100 ಮೀ. ರೇಟಿಂಗ್ 00 ಟು 25
ದಿನದ ಉತ್ತಮರು : ನಾಚುರಲ್ ಸ್ಟೈಲ್
ಜಾಕ್‌ಪಾಟ್ : 3, 4, 5, 6, 7
I ಟ್ರಿಬಲ್ : 3, 4, 5
II ಟ್ರಿಬಲ್ : 5, 6, 7
